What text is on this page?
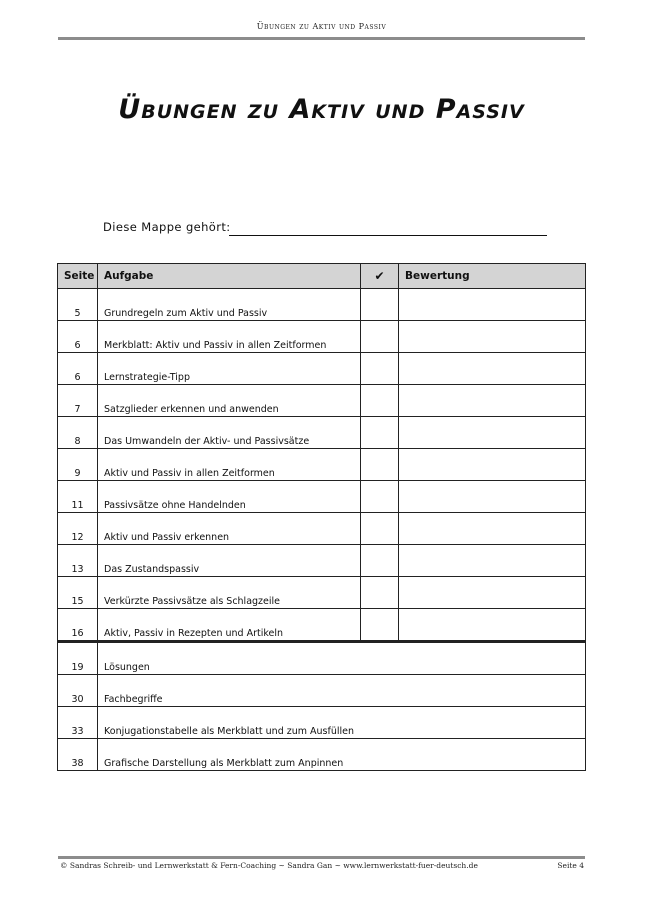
Übungen zu Aktiv und Passiv
Übungen zu Aktiv und Passiv
Diese Mappe gehört:
Seite	Aufgabe	✔	Bewertung
5	Grundregeln zum Aktiv und Passiv		
6	Merkblatt: Aktiv und Passiv in allen Zeitformen		
6	Lernstrategie-Tipp		
7	Satzglieder erkennen und anwenden		
8	Das Umwandeln der Aktiv- und Passivsätze		
9	Aktiv und Passiv in allen Zeitformen		
11	Passivsätze ohne Handelnden		
12	Aktiv und Passiv erkennen		
13	Das Zustandspassiv		
15	Verkürzte Passivsätze als Schlagzeile		
16	Aktiv, Passiv in Rezepten und Artikeln		
19	Lösungen		
30	Fachbegriffe		
33	Konjugationstabelle als Merkblatt und zum Ausfüllen		
38	Grafische Darstellung als Merkblatt zum Anpinnen		
© Sandras Schreib- und Lernwerkstatt & Fern-Coaching ~ Sandra Gan ~ www.lernwerkstatt-fuer-deutsch.de	Seite 4
